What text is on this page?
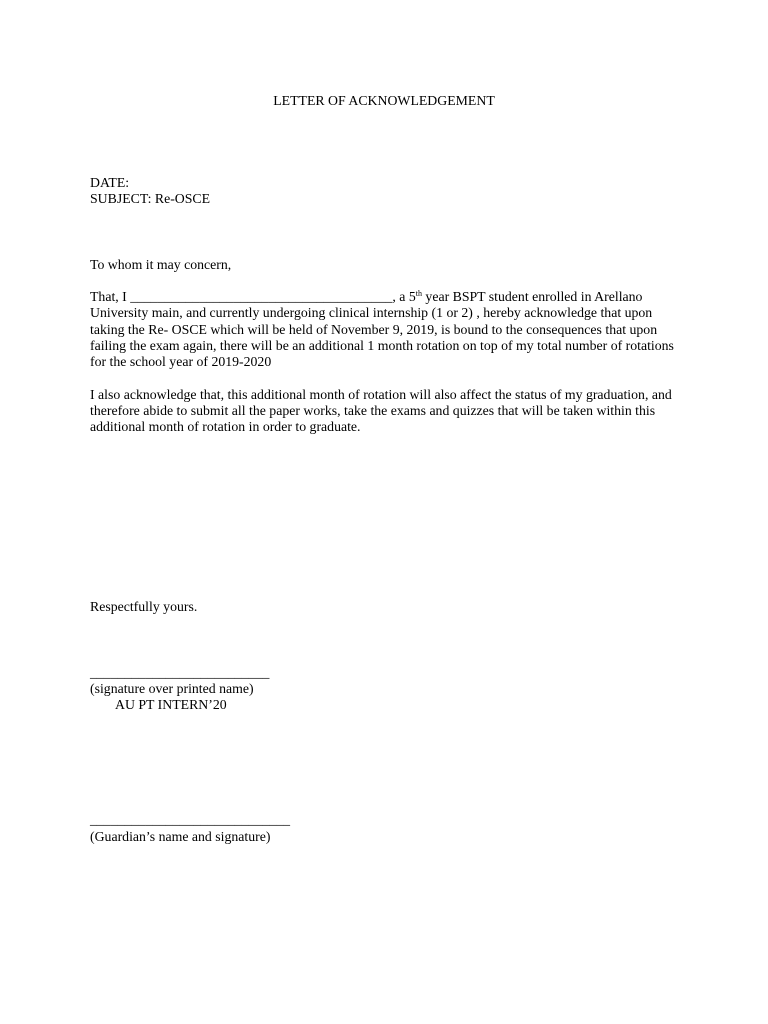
LETTER OF ACKNOWLEDGEMENT
DATE:
SUBJECT: Re-OSCE
To whom it may concern,
That, I ______________________________________, a 5th year BSPT student enrolled in Arellano
University main, and currently undergoing clinical internship (1 or 2) , hereby acknowledge that upon
taking the Re- OSCE which will be held of November 9, 2019, is bound to the consequences that upon
failing the exam again, there will be an additional 1 month rotation on top of my total number of rotations
for the school year of 2019-2020
I also acknowledge that, this additional month of rotation will also affect the status of my graduation, and
therefore abide to submit all the paper works, take the exams and quizzes that will be taken within this
additional month of rotation in order to graduate.
Respectfully yours.
__________________________
(signature over printed name)
AU PT INTERN’20
_____________________________
(Guardian’s name and signature)
